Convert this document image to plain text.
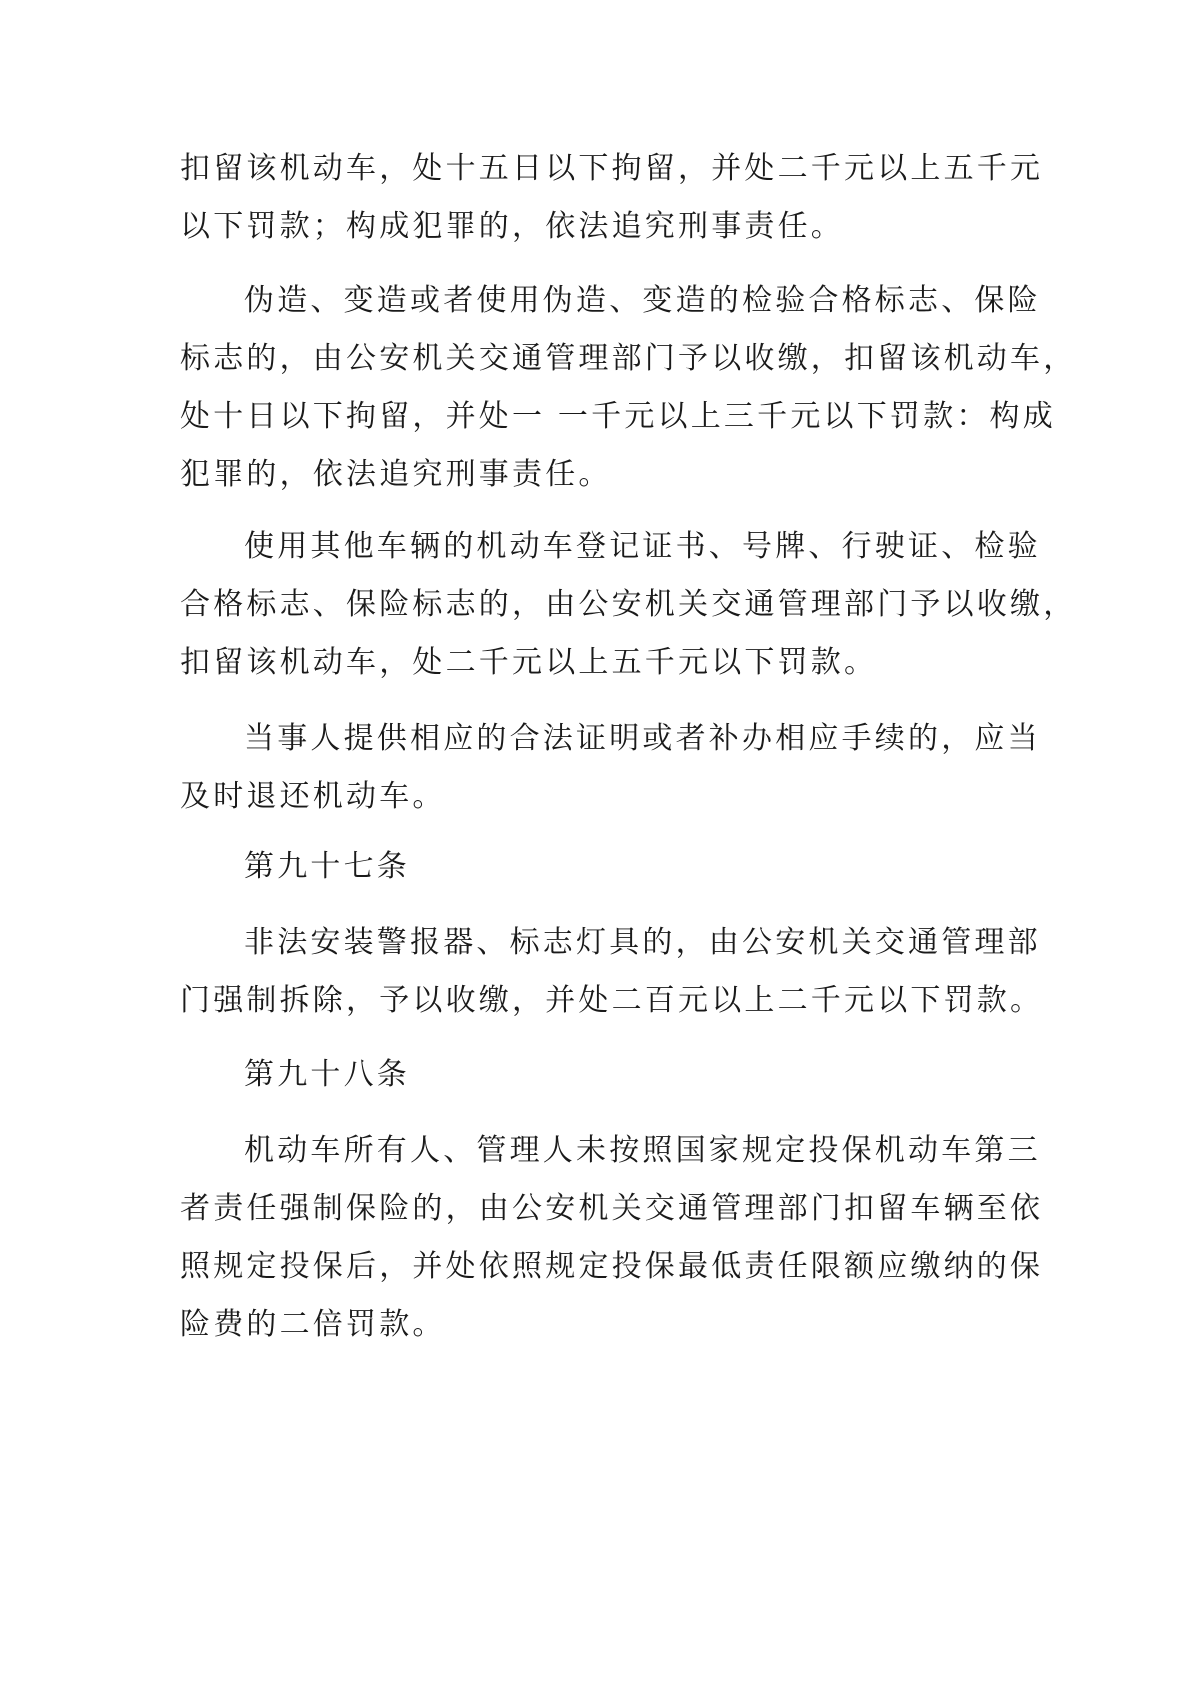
扣留该机动车，处十五日以下拘留，并处二千元以上五千元
以下罚款；构成犯罪的，依法追究刑事责任。
伪造、变造或者使用伪造、变造的检验合格标志、保险
标志的，由公安机关交通管理部门予以收缴，扣留该机动车，
处十日以下拘留，并处一 一千元以上三千元以下罚款：构成
犯罪的，依法追究刑事责任。
使用其他车辆的机动车登记证书、号牌、行驶证、检验
合格标志、保险标志的，由公安机关交通管理部门予以收缴，
扣留该机动车，处二千元以上五千元以下罚款。
当事人提供相应的合法证明或者补办相应手续的，应当
及时退还机动车。
第九十七条
非法安装警报器、标志灯具的，由公安机关交通管理部
门强制拆除，予以收缴，并处二百元以上二千元以下罚款。
第九十八条
机动车所有人、管理人未按照国家规定投保机动车第三
者责任强制保险的，由公安机关交通管理部门扣留车辆至依
照规定投保后，并处依照规定投保最低责任限额应缴纳的保
险费的二倍罚款。
